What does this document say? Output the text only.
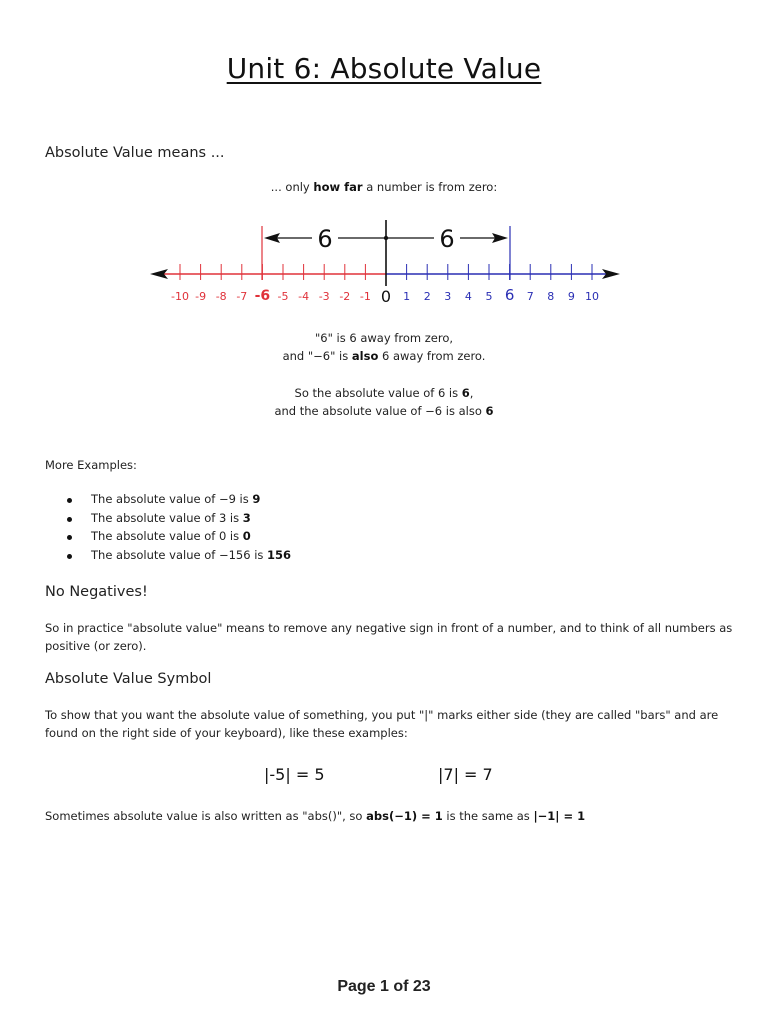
Unit 6: Absolute Value
Absolute Value means ...
... only how far a number is from zero:
6	6
0
-10 -9 -8 -7 -6 -5 -4 -3 -2 -1	1 2 3 4 5 6 7 8 9 10
"6" is 6 away from zero,
and "−6" is also 6 away from zero.
So the absolute value of 6 is 6,
and the absolute value of −6 is also 6
More Examples:
The absolute value of −9 is 9
The absolute value of 3 is 3
The absolute value of 0 is 0
The absolute value of −156 is 156
No Negatives!
So in practice "absolute value" means to remove any negative sign in front of a number, and to think of all numbers as positive (or zero).
Absolute Value Symbol
To show that you want the absolute value of something, you put "|" marks either side (they are called "bars" and are found on the right side of your keyboard), like these examples:
|-5| = 5	|7| = 7
Sometimes absolute value is also written as "abs()", so abs(−1) = 1 is the same as |−1| = 1
Page 1 of 23
